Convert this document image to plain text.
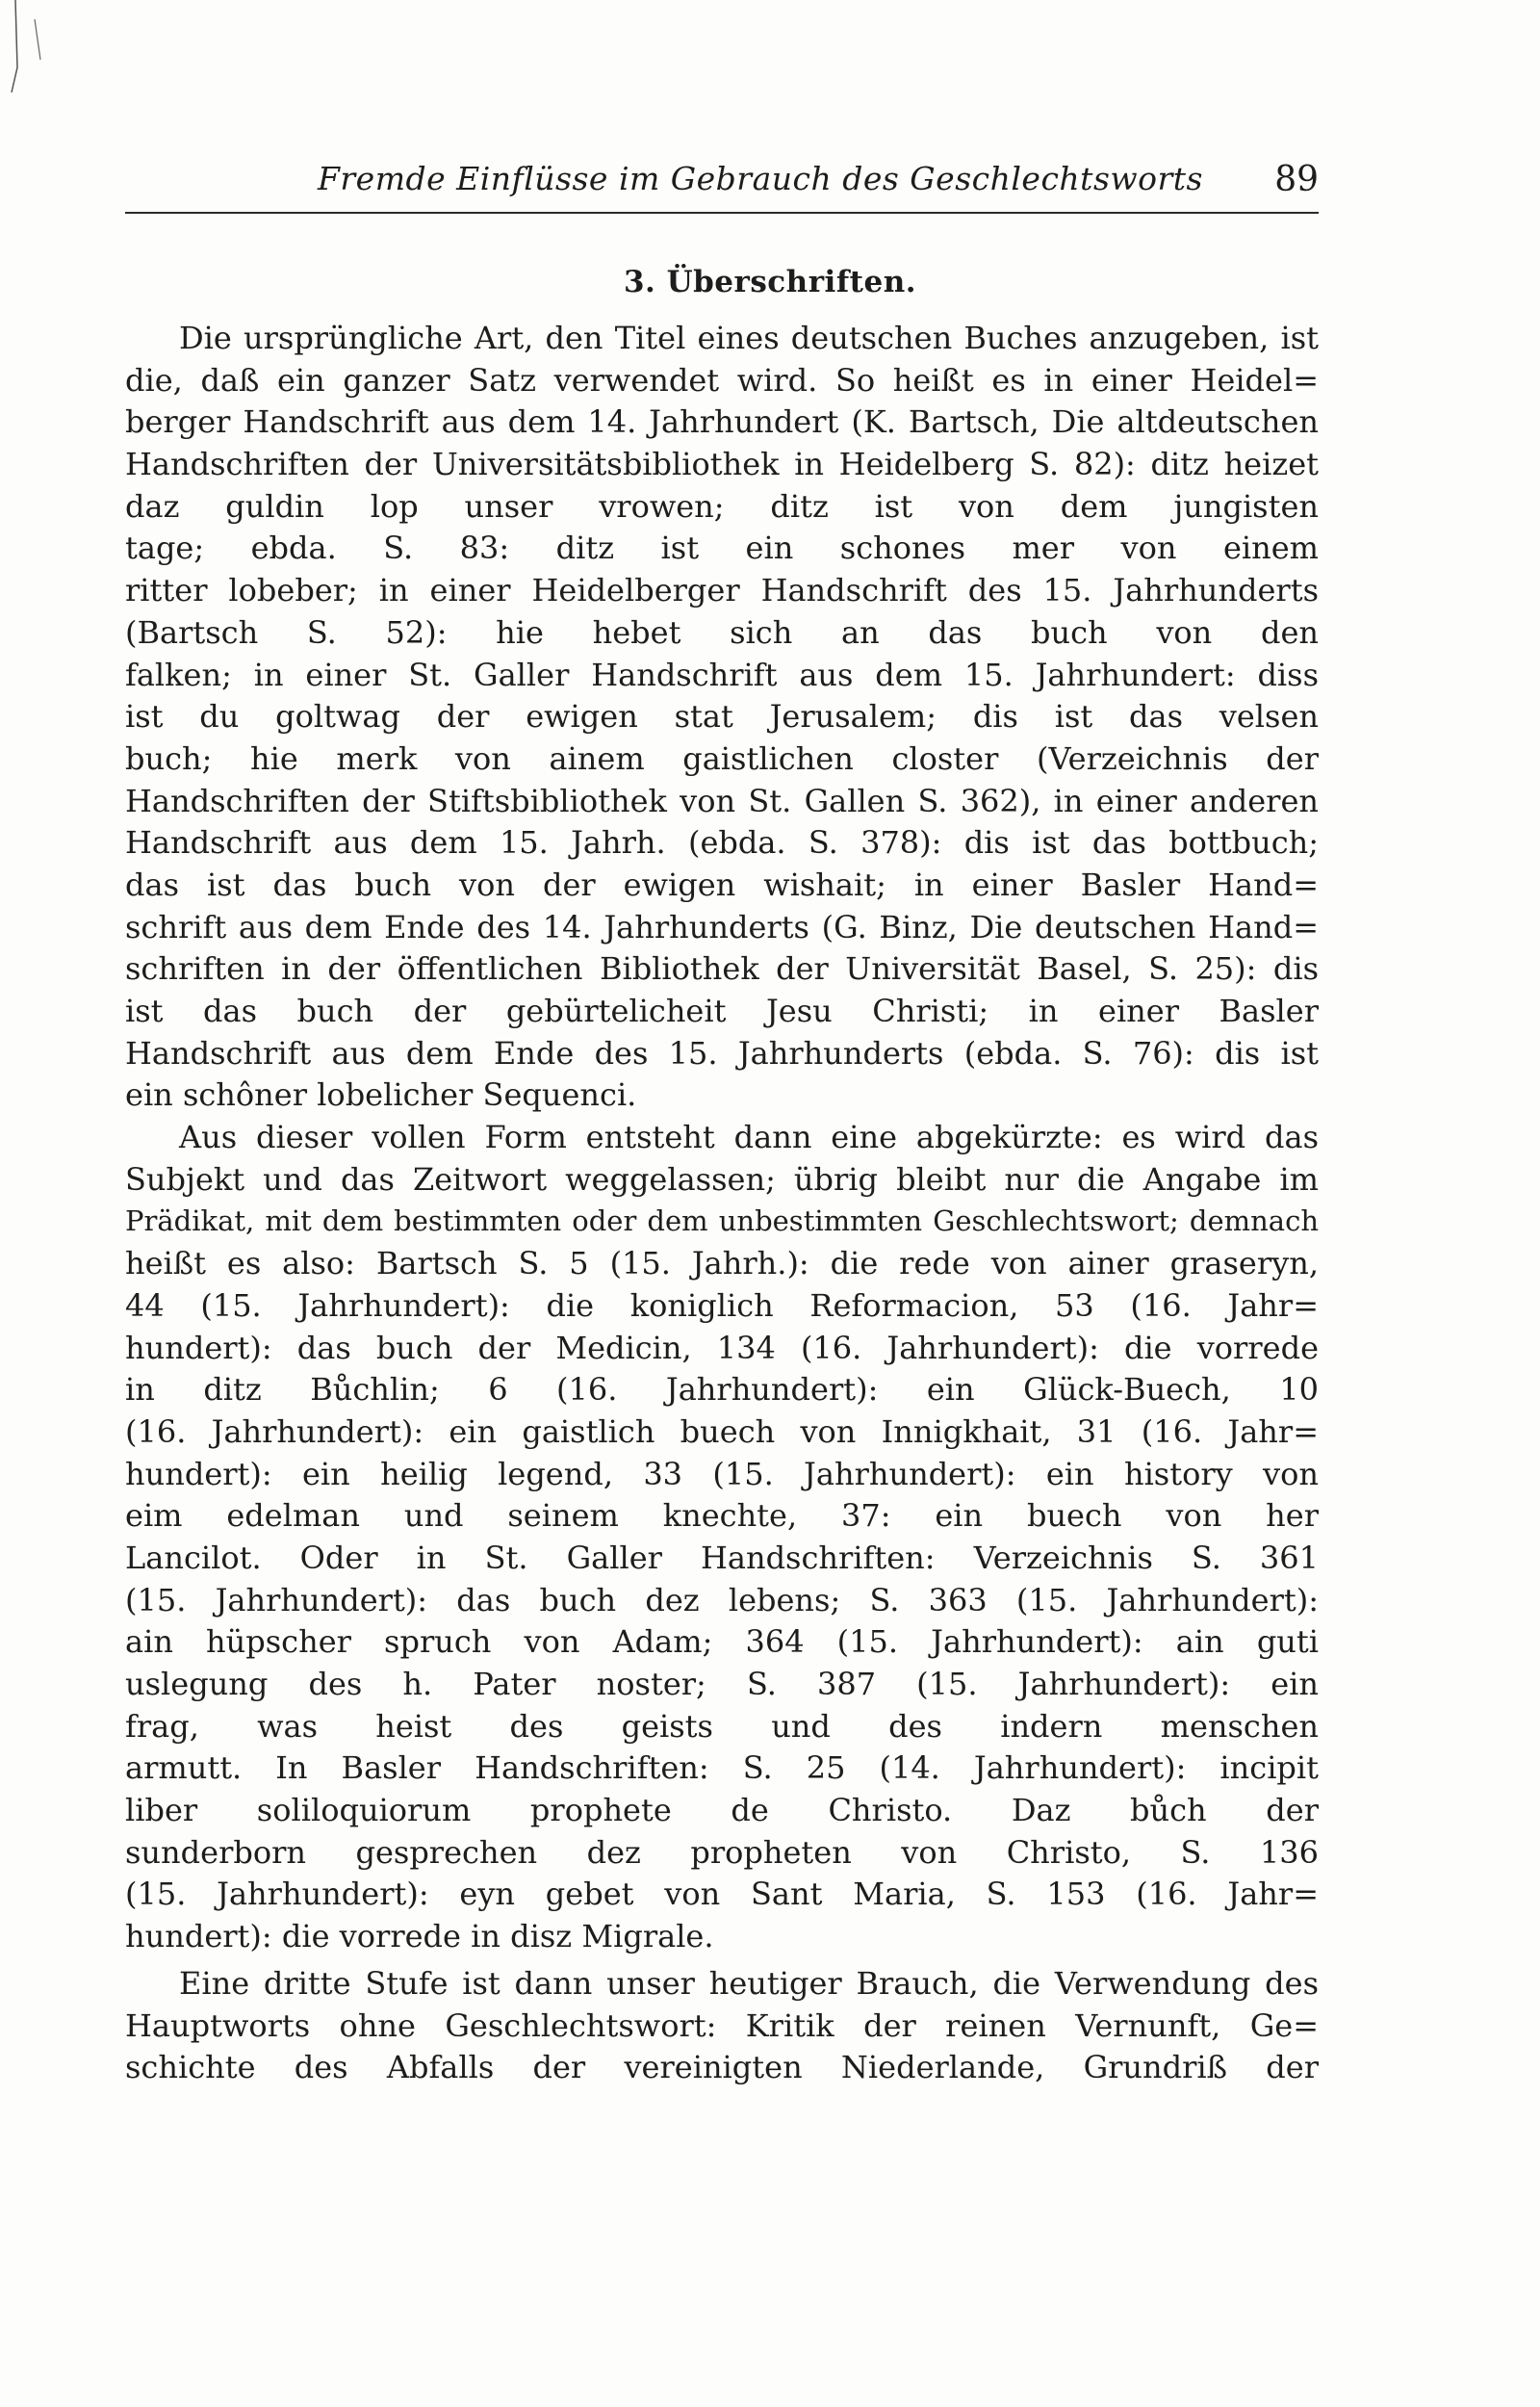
Fremde Einflüsse im Gebrauch des Geschlechtsworts 89
3. Überschriften.
Die ursprüngliche Art, den Titel eines deutschen Buches anzugeben, ist
die, daß ein ganzer Satz verwendet wird. So heißt es in einer Heidel=
berger Handschrift aus dem 14. Jahrhundert (K. Bartsch, Die altdeutschen
Handschriften der Universitätsbibliothek in Heidelberg S. 82): ditz heizet
daz guldin lop unser vrowen; ditz ist von dem jungisten
tage; ebda. S. 83: ditz ist ein schones mer von einem
ritter lobeber; in einer Heidelberger Handschrift des 15. Jahrhunderts
(Bartsch S. 52): hie hebet sich an das buch von den
falken; in einer St. Galler Handschrift aus dem 15. Jahrhundert: diss
ist du goltwag der ewigen stat Jerusalem; dis ist das velsen
buch; hie merk von ainem gaistlichen closter (Verzeichnis der
Handschriften der Stiftsbibliothek von St. Gallen S. 362), in einer anderen
Handschrift aus dem 15. Jahrh. (ebda. S. 378): dis ist das bottbuch;
das ist das buch von der ewigen wishait; in einer Basler Hand=
schrift aus dem Ende des 14. Jahrhunderts (G. Binz, Die deutschen Hand=
schriften in der öffentlichen Bibliothek der Universität Basel, S. 25): dis
ist das buch der gebürtelicheit Jesu Christi; in einer Basler
Handschrift aus dem Ende des 15. Jahrhunderts (ebda. S. 76): dis ist
ein schôner lobelicher Sequenci.
Aus dieser vollen Form entsteht dann eine abgekürzte: es wird das
Subjekt und das Zeitwort weggelassen; übrig bleibt nur die Angabe im
Prädikat, mit dem bestimmten oder dem unbestimmten Geschlechtswort; demnach
heißt es also: Bartsch S. 5 (15. Jahrh.): die rede von ainer graseryn,
44 (15. Jahrhundert): die koniglich Reformacion, 53 (16. Jahr=
hundert): das buch der Medicin, 134 (16. Jahrhundert): die vorrede
in ditz Bůchlin; 6 (16. Jahrhundert): ein Glück-Buech, 10
(16. Jahrhundert): ein gaistlich buech von Innigkhait, 31 (16. Jahr=
hundert): ein heilig legend, 33 (15. Jahrhundert): ein history von
eim edelman und seinem knechte, 37: ein buech von her
Lancilot. Oder in St. Galler Handschriften: Verzeichnis S. 361
(15. Jahrhundert): das buch dez lebens; S. 363 (15. Jahrhundert):
ain hüpscher spruch von Adam; 364 (15. Jahrhundert): ain guti
uslegung des h. Pater noster; S. 387 (15. Jahrhundert): ein
frag, was heist des geists und des indern menschen
armutt. In Basler Handschriften: S. 25 (14. Jahrhundert): incipit
liber soliloquiorum prophete de Christo. Daz bůch der
sunderborn gesprechen dez propheten von Christo, S. 136
(15. Jahrhundert): eyn gebet von Sant Maria, S. 153 (16. Jahr=
hundert): die vorrede in disz Migrale.
Eine dritte Stufe ist dann unser heutiger Brauch, die Verwendung des
Hauptworts ohne Geschlechtswort: Kritik der reinen Vernunft, Ge=
schichte des Abfalls der vereinigten Niederlande, Grundriß der
